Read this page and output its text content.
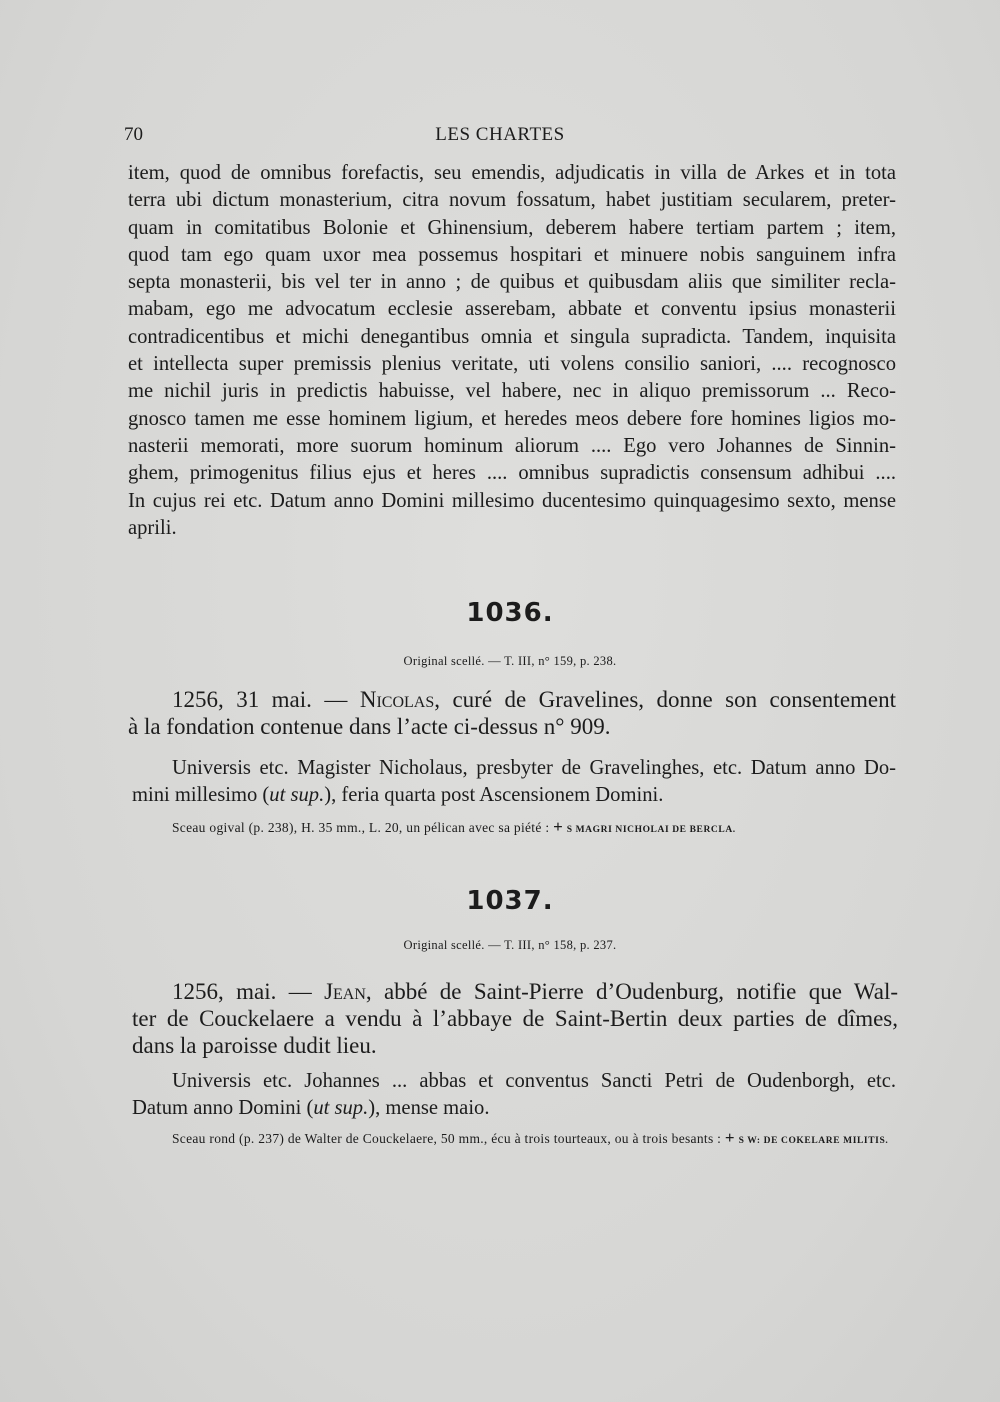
70	LES CHARTES
item, quod de omnibus forefactis, seu emendis, adjudicatis in villa de Arkes et in tota
terra ubi dictum monasterium, citra novum fossatum, habet justitiam secularem, preter-
quam in comitatibus Bolonie et Ghinensium, deberem habere tertiam partem ; item,
quod tam ego quam uxor mea possemus hospitari et minuere nobis sanguinem infra
septa monasterii, bis vel ter in anno ; de quibus et quibusdam aliis que similiter recla-
mabam, ego me advocatum ecclesie asserebam, abbate et conventu ipsius monasterii
contradicentibus et michi denegantibus omnia et singula supradicta. Tandem, inquisita
et intellecta super premissis plenius veritate, uti volens consilio saniori, .... recognosco
me nichil juris in predictis habuisse, vel habere, nec in aliquo premissorum ... Reco-
gnosco tamen me esse hominem ligium, et heredes meos debere fore homines ligios mo-
nasterii memorati, more suorum hominum aliorum .... Ego vero Johannes de Sinnin-
ghem, primogenitus filius ejus et heres .... omnibus supradictis consensum adhibui ....
In cujus rei etc. Datum anno Domini millesimo ducentesimo quinquagesimo sexto, mense
aprili.
1036.
Original scellé. — T. III, n° 159, p. 238.
1256, 31 mai. — Nicolas, curé de Gravelines, donne son consentement
à la fondation contenue dans l’acte ci-dessus n° 909.
Universis etc. Magister Nicholaus, presbyter de Gravelinghes, etc. Datum anno Do-
mini millesimo (ut sup.), feria quarta post Ascensionem Domini.
Sceau ogival (p. 238), H. 35 mm., L. 20, un pélican avec sa piété : + S MAGRI NICHOLAI DE BERCLA.
1037.
Original scellé. — T. III, n° 158, p. 237.
1256, mai. — Jean, abbé de Saint-Pierre d’Oudenburg, notifie que Wal-
ter de Couckelaere a vendu à l’abbaye de Saint-Bertin deux parties de dîmes,
dans la paroisse dudit lieu.
Universis etc. Johannes ... abbas et conventus Sancti Petri de Oudenborgh, etc.
Datum anno Domini (ut sup.), mense maio.
Sceau rond (p. 237) de Walter de Couckelaere, 50 mm., écu à trois tourteaux, ou à trois besants : + S W: DE COKELARE MILITIS.
